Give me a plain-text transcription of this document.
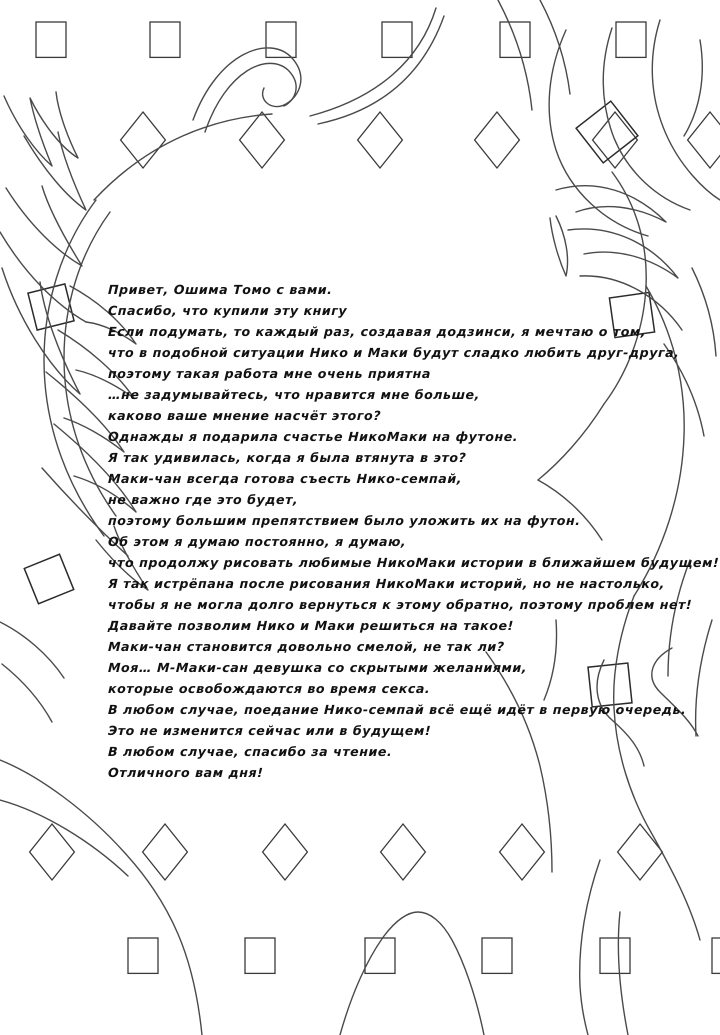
Привет, Ошима Томо с вами.
Спасибо, что купили эту книгу
Если подумать, то каждый раз, создавая додзинси, я мечтаю о том,
что в подобной ситуации Нико и Маки будут сладко любить друг-друга,
поэтому такая работа мне очень приятна
…не задумывайтесь, что нравится мне больше,
каково ваше мнение насчёт этого?
Однажды я подарила счастье НикоМаки на футоне.
Я так удивилась, когда я была втянута в это?
Маки-чан всегда готова съесть Нико-семпай,
не важно где это будет,
поэтому большим препятствием было уложить их на футон.
Об этом я думаю постоянно, я думаю,
что продолжу рисовать любимые НикоМаки истории в ближайшем будущем!
Я так истрёпана после рисования НикоМаки историй, но не настолько,
чтобы я не могла долго вернуться к этому обратно, поэтому проблем нет!
Давайте позволим Нико и Маки решиться на такое!
Маки-чан становится довольно смелой, не так ли?
Моя… М-Маки-сан девушка со скрытыми желаниями,
которые освобождаются во время секса.
В любом случае, поедание Нико-семпай всё ещё идёт в первую очередь.
Это не изменится сейчас или в будущем!
В любом случае, спасибо за чтение.
Отличного вам дня!
